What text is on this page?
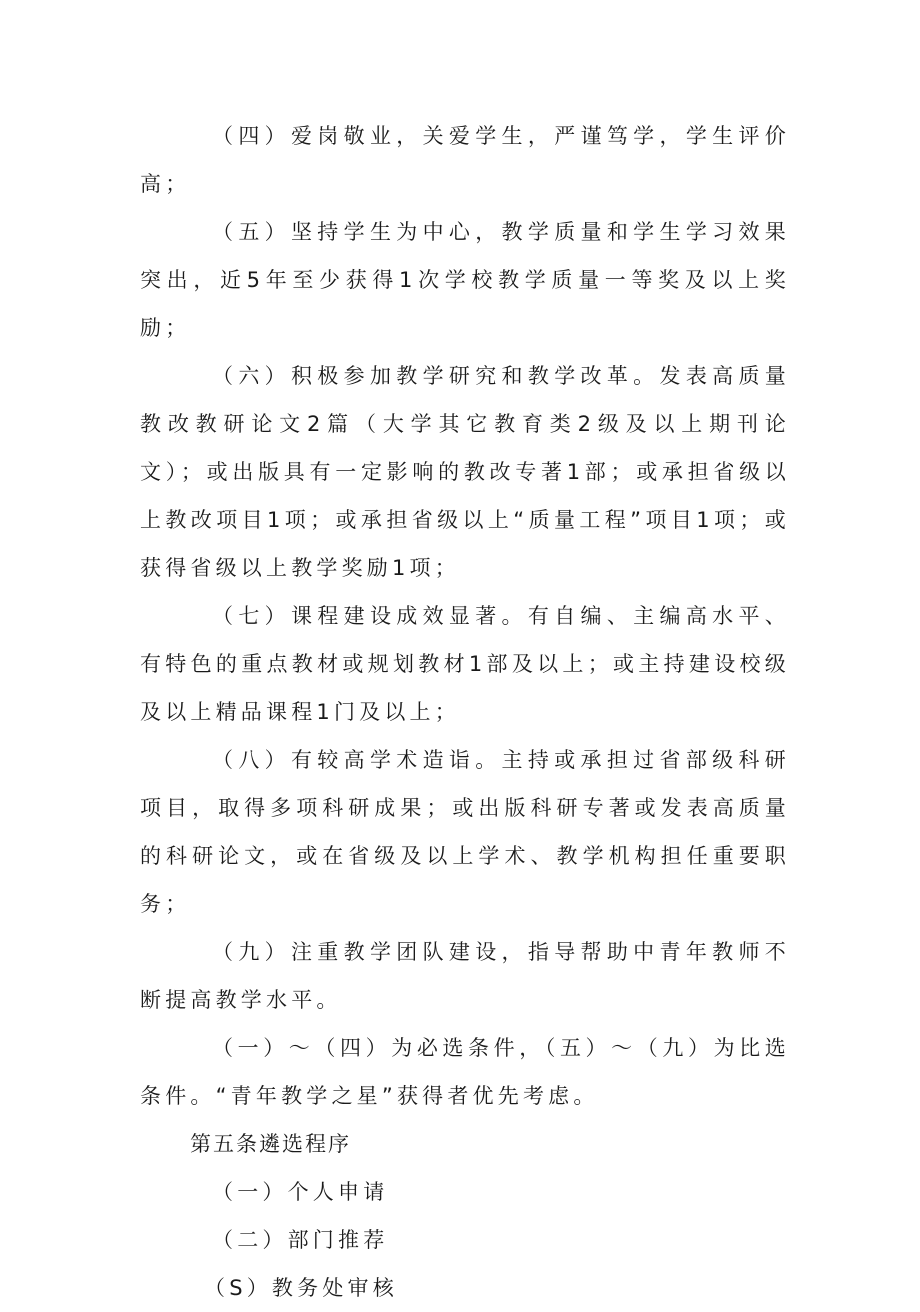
（四）爱岗敬业，关爱学生，严谨笃学，学生评价高；

（五）坚持学生为中心，教学质量和学生学习效果突出，近5年至少获得1次学校教学质量一等奖及以上奖励；

（六）积极参加教学研究和教学改革。发表高质量教改教研论文2篇（大学其它教育类2级及以上期刊论文）；或出版具有一定影响的教改专著1部；或承担省级以上教改项目1项；或承担省级以上“质量工程”项目1项；或获得省级以上教学奖励1项；

（七）课程建设成效显著。有自编、主编高水平、有特色的重点教材或规划教材1部及以上；或主持建设校级及以上精品课程1门及以上；

（八）有较高学术造诣。主持或承担过省部级科研项目，取得多项科研成果；或出版科研专著或发表高质量的科研论文，或在省级及以上学术、教学机构担任重要职务；

（九）注重教学团队建设，指导帮助中青年教师不断提高教学水平。

（一）～（四）为必选条件，（五）～（九）为比选条件。“青年教学之星”获得者优先考虑。

第五条遴选程序

（一）个人申请

（二）部门推荐

（S）教务处审核
